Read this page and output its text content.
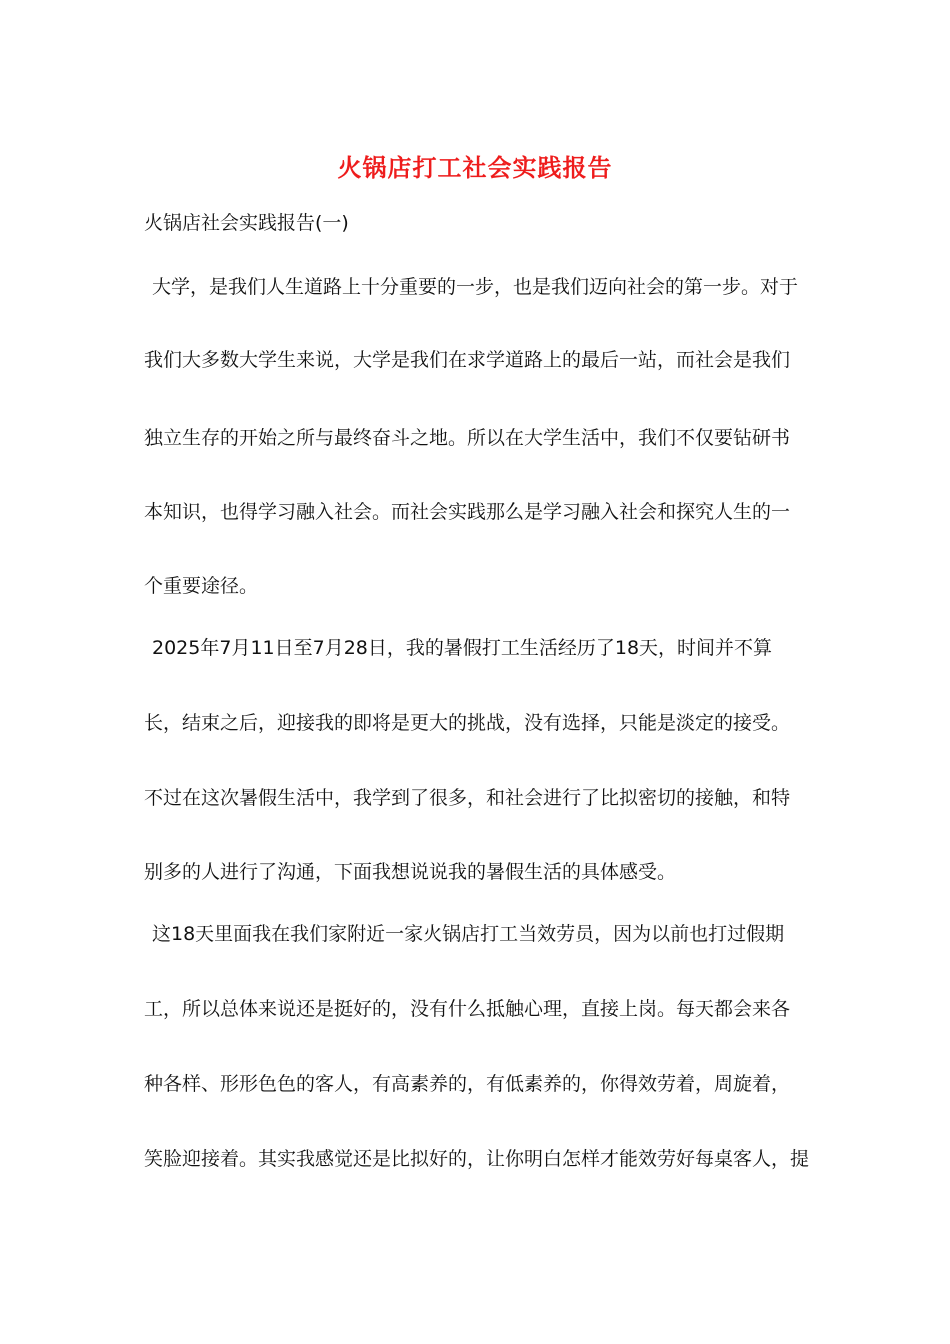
火锅店打工社会实践报告
火锅店社会实践报告(一)
大学，是我们人生道路上十分重要的一步，也是我们迈向社会的第一步。对于
我们大多数大学生来说，大学是我们在求学道路上的最后一站，而社会是我们
独立生存的开始之所与最终奋斗之地。所以在大学生活中，我们不仅要钻研书
本知识，也得学习融入社会。而社会实践那么是学习融入社会和探究人生的一
个重要途径。
2025年7月11日至7月28日，我的暑假打工生活经历了18天，时间并不算
长，结束之后，迎接我的即将是更大的挑战，没有选择，只能是淡定的接受。
不过在这次暑假生活中，我学到了很多，和社会进行了比拟密切的接触，和特
别多的人进行了沟通，下面我想说说我的暑假生活的具体感受。
这18天里面我在我们家附近一家火锅店打工当效劳员，因为以前也打过假期
工，所以总体来说还是挺好的，没有什么抵触心理，直接上岗。每天都会来各
种各样、形形色色的客人，有高素养的，有低素养的，你得效劳着，周旋着，
笑脸迎接着。其实我感觉还是比拟好的，让你明白怎样才能效劳好每桌客人，提
